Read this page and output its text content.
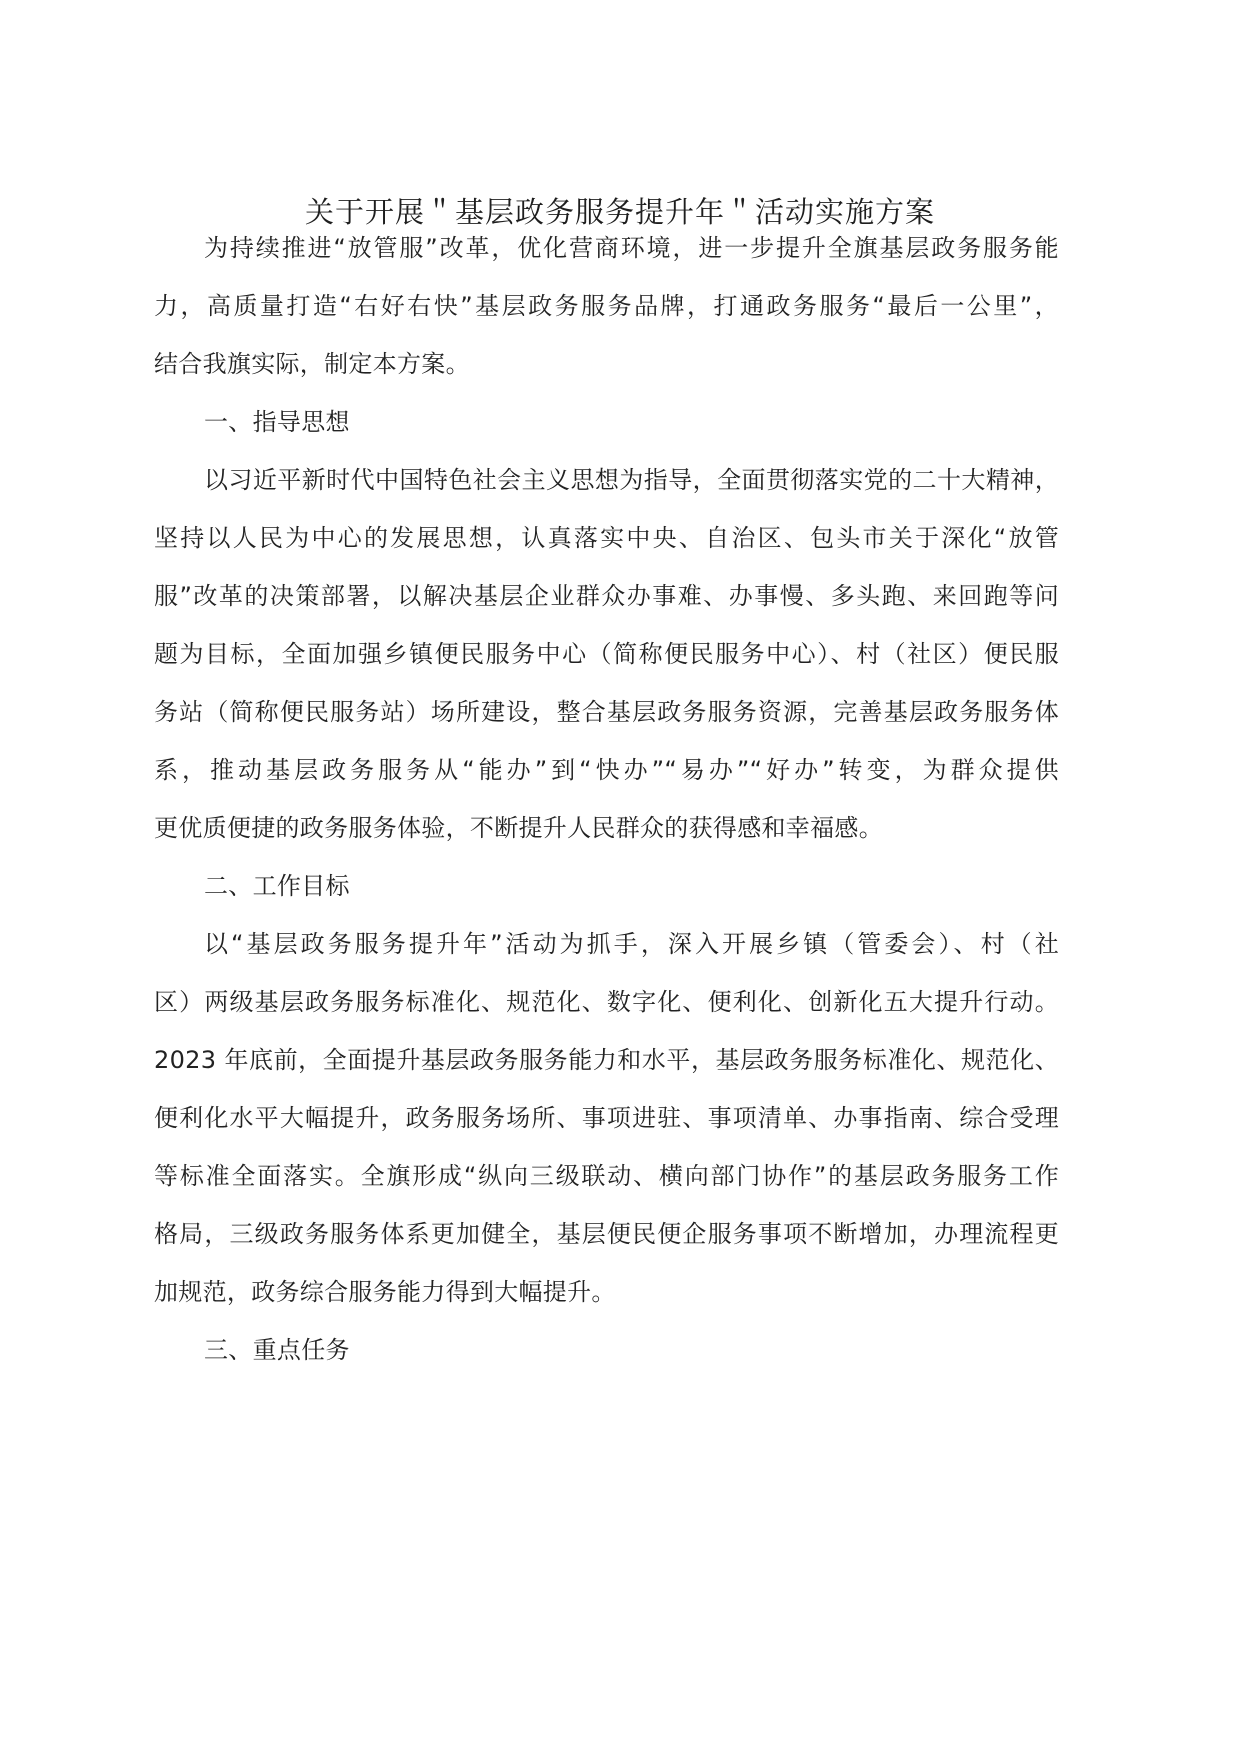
关于开展＂基层政务服务提升年＂活动实施方案
为持续推进“放管服”改革，优化营商环境，进一步提升全旗基层政务服务能
力，高质量打造“右好右快”基层政务服务品牌，打通政务服务“最后一公里”，
结合我旗实际，制定本方案。
一、指导思想
以习近平新时代中国特色社会主义思想为指导，全面贯彻落实党的二十大精神，
坚持以人民为中心的发展思想，认真落实中央、自治区、包头市关于深化“放管
服”改革的决策部署，以解决基层企业群众办事难、办事慢、多头跑、来回跑等问
题为目标，全面加强乡镇便民服务中心（简称便民服务中心）、村（社区）便民服
务站（简称便民服务站）场所建设，整合基层政务服务资源，完善基层政务服务体
系，推动基层政务服务从“能办”到“快办”“易办”“好办”转变，为群众提供
更优质便捷的政务服务体验，不断提升人民群众的获得感和幸福感。
二、工作目标
以“基层政务服务提升年”活动为抓手，深入开展乡镇（管委会）、村（社
区）两级基层政务服务标准化、规范化、数字化、便利化、创新化五大提升行动。
2023 年底前，全面提升基层政务服务能力和水平，基层政务服务标准化、规范化、
便利化水平大幅提升，政务服务场所、事项进驻、事项清单、办事指南、综合受理
等标准全面落实。全旗形成“纵向三级联动、横向部门协作”的基层政务服务工作
格局，三级政务服务体系更加健全，基层便民便企服务事项不断增加，办理流程更
加规范，政务综合服务能力得到大幅提升。
三、重点任务
